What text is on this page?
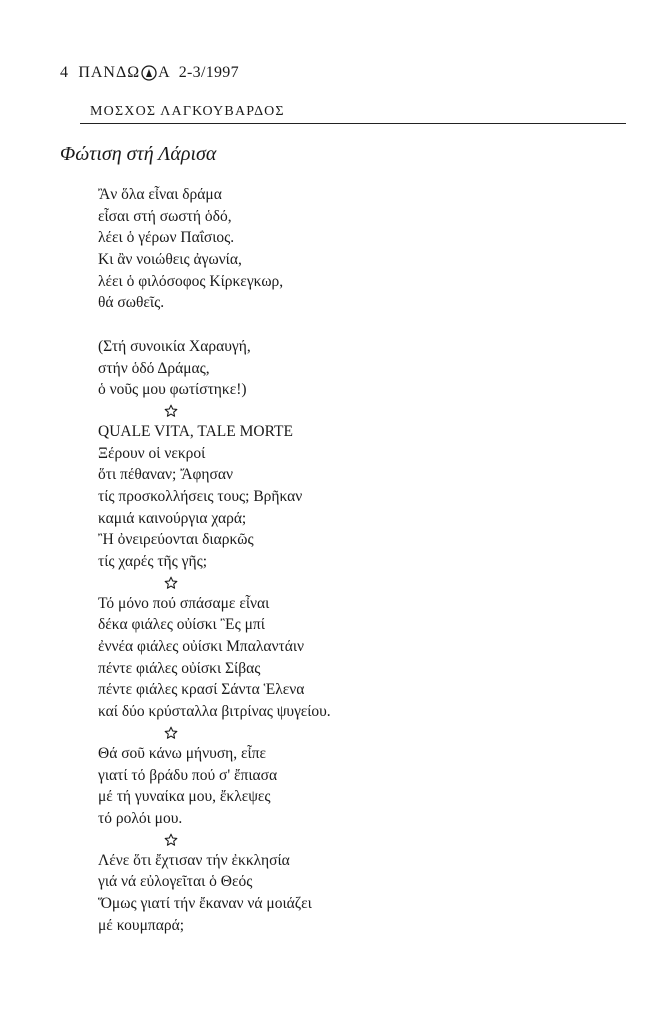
4 ΠΑΝΔΩ Α 2-3/1997
ΜΟΣΧΟΣ ΛΑΓΚΟΥΒΑΡΔΟΣ
Φώτιση στή Λάρισα
Ἂν ὅλα εἶναι δράμα
εἶσαι στή σωστή ὁδό,
λέει ὁ γέρων Παΐσιος.
Κι ἂν νοιώθεις ἀγωνία,
λέει ὁ φιλόσοφος Κίρκεγκωρ,
θά σωθεῖς.
(Στή συνοικία Χαραυγή,
στήν ὁδό Δράμας,
ὁ νοῦς μου φωτίστηκε!)
QUALE VITA, TALE MORTE
Ξέρουν οἱ νεκροί
ὅτι πέθαναν; Ἄφησαν
τίς προσκολλήσεις τους; Βρῆκαν
καμιά καινούργια χαρά;
Ἢ ὀνειρεύονται διαρκῶς
τίς χαρές τῆς γῆς;
Τό μόνο πού σπάσαμε εἶναι
δέκα φιάλες οὐίσκι Ἒς μπί
ἐννέα φιάλες οὐίσκι Μπαλαντάιν
πέντε φιάλες οὐίσκι Σίβας
πέντε φιάλες κρασί Σάντα Ἑλενα
καί δύο κρύσταλλα βιτρίνας ψυγείου.
Θά σοῦ κάνω μήνυση, εἶπε
γιατί τό βράδυ πού σ' ἔπιασα
μέ τή γυναίκα μου, ἔκλεψες
τό ρολόι μου.
Λένε ὅτι ἔχτισαν τήν ἐκκλησία
γιά νά εὐλογεῖται ὁ Θεός
Ὅμως γιατί τήν ἔκαναν νά μοιάζει
μέ κουμπαρά;
